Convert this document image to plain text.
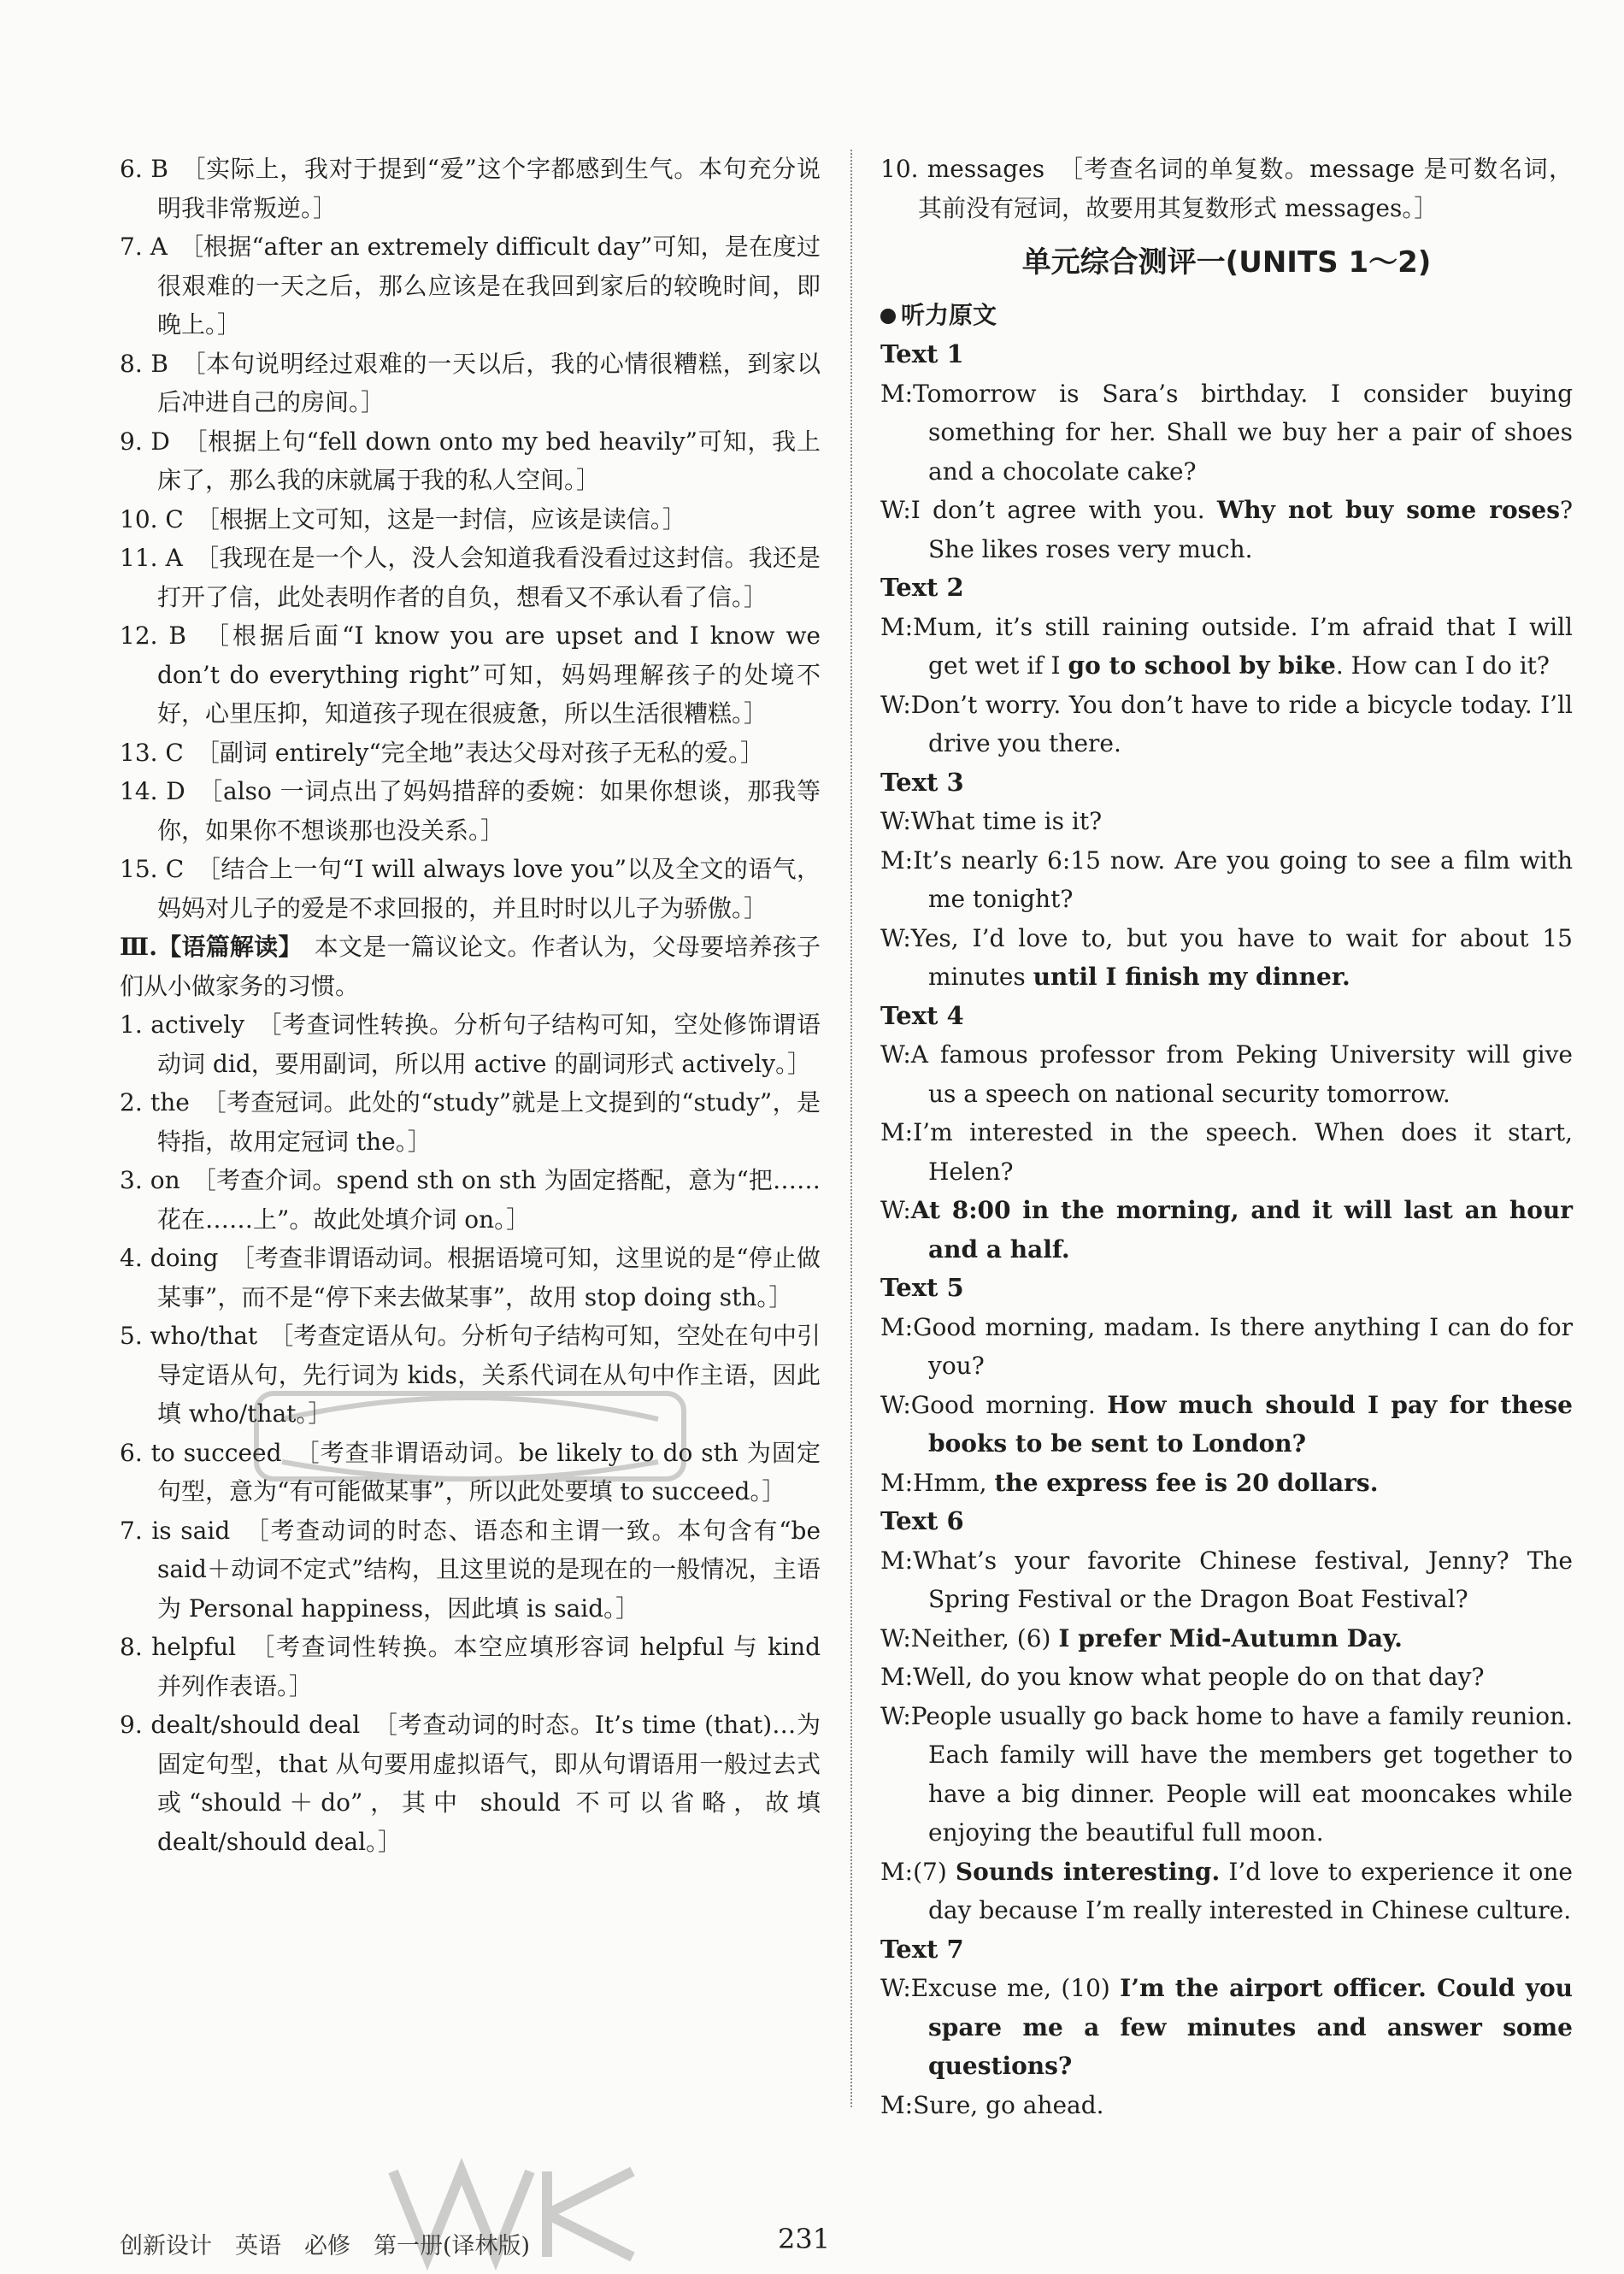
6. B　 ［实际上，我对于提到“爱”这个字都感到生气。本句充分说明我非常叛逆。］
7. A　 ［根据“after an extremely difficult day”可知，是在度过很艰难的一天之后，那么应该是在我回到家后的较晚时间，即晚上。］
8. B　 ［本句说明经过艰难的一天以后，我的心情很糟糕，到家以后冲进自己的房间。］
9. D　 ［根据上句“fell down onto my bed heavily”可知，我上床了，那么我的床就属于我的私人空间。］
10. C　 ［根据上文可知，这是一封信，应该是读信。］
11. A　 ［我现在是一个人，没人会知道我看没看过这封信。我还是打开了信，此处表明作者的自负，想看又不承认看了信。］
12. B　 ［根据后面“I know you are upset and I know we don’t do everything right”可知，妈妈理解孩子的处境不好，心里压抑，知道孩子现在很疲惫，所以生活很糟糕。］
13. C　 ［副词 entirely“完全地”表达父母对孩子无私的爱。］
14. D　 ［also 一词点出了妈妈措辞的委婉：如果你想谈，那我等你，如果你不想谈那也没关系。］
15. C　 ［结合上一句“I will always love you”以及全文的语气，妈妈对儿子的爱是不求回报的，并且时时以儿子为骄傲。］
Ⅲ.【语篇解读】　 本文是一篇议论文。作者认为，父母要培养孩子们从小做家务的习惯。
1. actively　 ［考查词性转换。分析句子结构可知，空处修饰谓语动词 did，要用副词，所以用 active 的副词形式 actively。］
2. the　 ［考查冠词。此处的“study”就是上文提到的“study”，是特指，故用定冠词 the。］
3. on　 ［考查介词。spend sth on sth 为固定搭配，意为“把……花在……上”。故此处填介词 on。］
4. doing　 ［考查非谓语动词。根据语境可知，这里说的是“停止做某事”，而不是“停下来去做某事”，故用 stop doing sth。］
5. who/that　 ［考查定语从句。分析句子结构可知，空处在句中引导定语从句，先行词为 kids，关系代词在从句中作主语，因此填 who/that。］
6. to succeed　 ［考查非谓语动词。be likely to do sth 为固定句型，意为“有可能做某事”，所以此处要填 to succeed。］
7. is said　 ［考查动词的时态、语态和主谓一致。本句含有“be said＋动词不定式”结构，且这里说的是现在的一般情况，主语为 Personal happiness，因此填 is said。］
8. helpful　 ［考查词性转换。本空应填形容词 helpful 与 kind 并列作表语。］
9. dealt/should deal　 ［考查动词的时态。It’s time (that)…为固定句型，that 从句要用虚拟语气，即从句谓语用一般过去式或“should＋do”，其中 should 不可以省略，故填 dealt/should deal。］
10. messages　 ［考查名词的单复数。message 是可数名词，其前没有冠词，故要用其复数形式 messages。］
单元综合测评一(UNITS 1～2)
听力原文
Text 1
M:Tomorrow is Sara’s birthday. I consider buying something for her. Shall we buy her a pair of shoes and a chocolate cake?
W:I don’t agree with you. Why not buy some roses? She likes roses very much.
Text 2
M:Mum, it’s still raining outside. I’m afraid that I will get wet if I go to school by bike. How can I do it?
W:Don’t worry. You don’t have to ride a bicycle today. I’ll drive you there.
Text 3
W:What time is it?
M:It’s nearly 6:15 now. Are you going to see a film with me tonight?
W:Yes, I’d love to, but you have to wait for about 15 minutes until I finish my dinner.
Text 4
W:A famous professor from Peking University will give us a speech on national security tomorrow.
M:I’m interested in the speech. When does it start, Helen?
W:At 8:00 in the morning, and it will last an hour and a half.
Text 5
M:Good morning, madam. Is there anything I can do for you?
W:Good morning. How much should I pay for these books to be sent to London?
M:Hmm, the express fee is 20 dollars.
Text 6
M:What’s your favorite Chinese festival, Jenny? The Spring Festival or the Dragon Boat Festival?
W:Neither, (6) I prefer Mid-Autumn Day.
M:Well, do you know what people do on that day?
W:People usually go back home to have a family reunion. Each family will have the members get together to have a big dinner. People will eat mooncakes while enjoying the beautiful full moon.
M:(7) Sounds interesting. I’d love to experience it one day because I’m really interested in Chinese culture.
Text 7
W:Excuse me, (10) I’m the airport officer. Could you spare me a few minutes and answer some questions?
M:Sure, go ahead.
创新设计　英语　必修　第一册(译林版)	231
